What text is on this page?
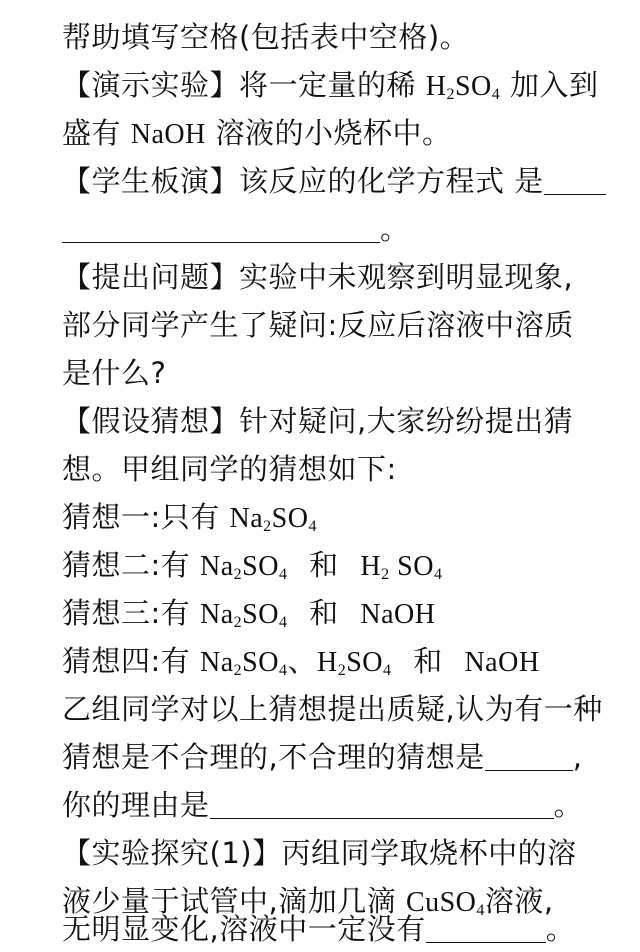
帮助填写空格(包括表中空格)。
【演示实验】将一定量的稀 $H_2SO_4$ 加入到
盛有 NaOH 溶液的小烧杯中。
【学生板演】该反应的化学方程式 是
。
【提出问题】实验中未观察到明显现象,
部分同学产生了疑问:反应后溶液中溶质
是什么?
【假设猜想】针对疑问,大家纷纷提出猜
想。甲组同学的猜想如下:
猜想一:只有 $Na_2SO_4$
猜想二:有 $Na_2SO_4$ 和 $H_2$ $SO_4$
猜想三:有 $Na_2SO_4$ 和 NaOH
猜想四:有 $Na_2SO_4$、$H_2SO_4$ 和 NaOH
乙组同学对以上猜想提出质疑,认为有一种
猜想是不合理的,不合理的猜想是	,
你的理由是	。
【实验探究(1)】丙组同学取烧杯中的溶
液少量于试管中,滴加几滴 CuSO$_4$溶液,
无明显变化,溶液中一定没有	。
